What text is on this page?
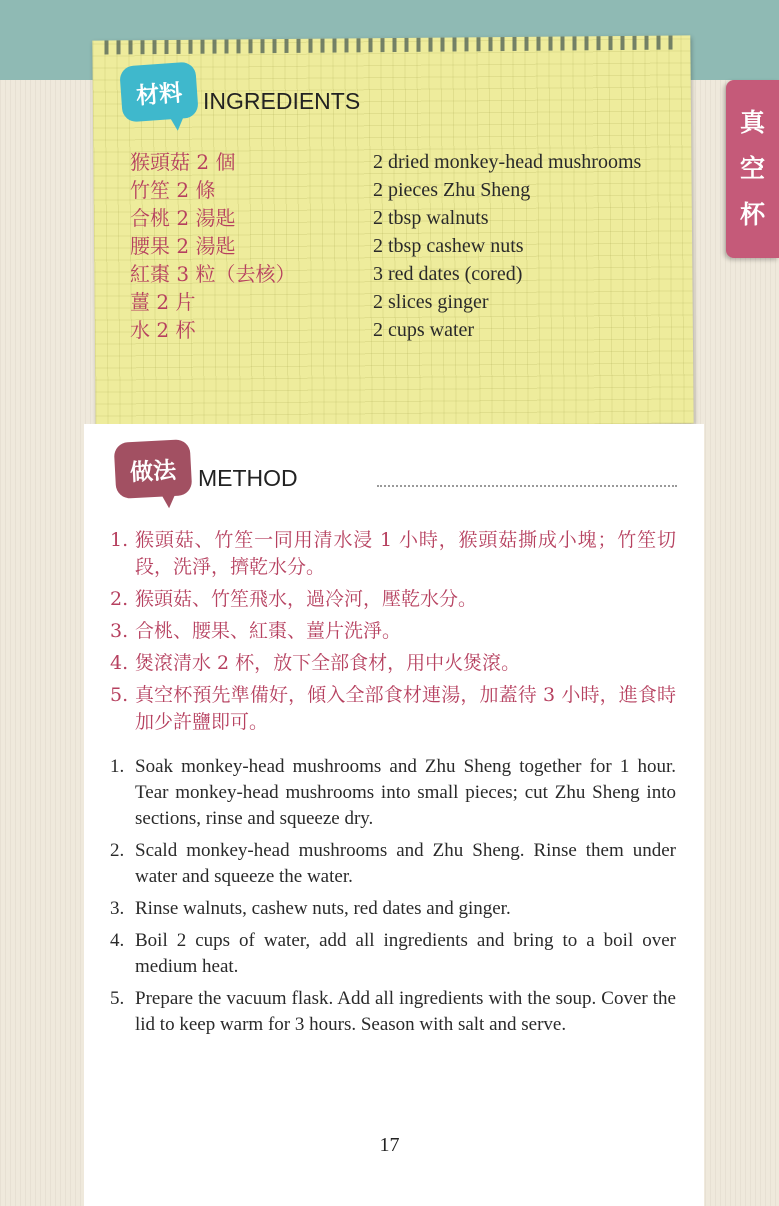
真
空
杯
材料 INGREDIENTS
猴頭菇 2 個
竹笙 2 條
合桃 2 湯匙
腰果 2 湯匙
紅棗 3 粒（去核）
薑 2 片
水 2 杯
2 dried monkey-head mushrooms
2 pieces Zhu Sheng
2 tbsp walnuts
2 tbsp cashew nuts
3 red dates (cored)
2 slices ginger
2 cups water
做法 METHOD
1. 猴頭菇、竹笙一同用清水浸 1 小時，猴頭菇撕成小塊；竹笙切段，洗淨，擠乾水分。
2. 猴頭菇、竹笙飛水，過冷河，壓乾水分。
3. 合桃、腰果、紅棗、薑片洗淨。
4. 煲滾清水 2 杯，放下全部食材，用中火煲滾。
5. 真空杯預先準備好，傾入全部食材連湯，加蓋待 3 小時，進食時加少許鹽即可。
1. Soak monkey-head mushrooms and Zhu Sheng together for 1 hour. Tear monkey-head mushrooms into small pieces; cut Zhu Sheng into sections, rinse and squeeze dry.
2. Scald monkey-head mushrooms and Zhu Sheng. Rinse them under water and squeeze the water.
3. Rinse walnuts, cashew nuts, red dates and ginger.
4. Boil 2 cups of water, add all ingredients and bring to a boil over medium heat.
5. Prepare the vacuum flask. Add all ingredients with the soup. Cover the lid to keep warm for 3 hours. Season with salt and serve.
17
